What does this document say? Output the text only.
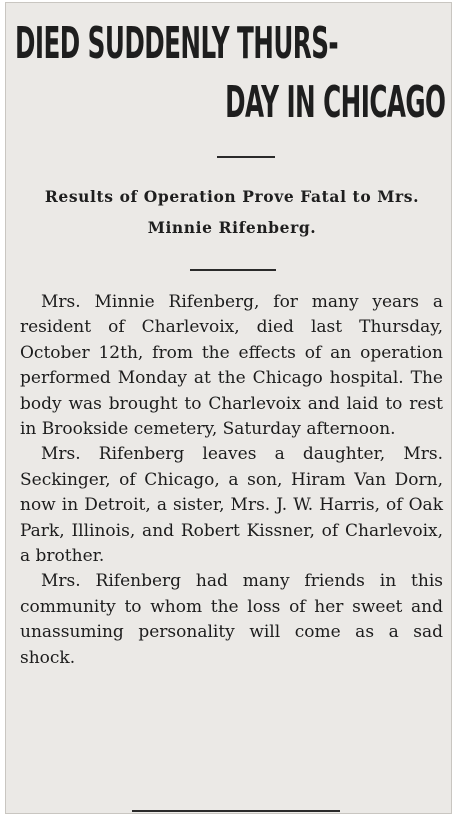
DIED SUDDENLY THURS-
DAY IN CHICAGO
Results of Operation Prove Fatal to Mrs. Minnie Rifenberg.

Mrs. Minnie Rifenberg, for many years a resident of Charlevoix, died last Thursday, October 12th, from the effects of an operation performed Monday at the Chicago hospital. The body was brought to Charlevoix and laid to rest in Brookside cemetery, Saturday afternoon.

Mrs. Rifenberg leaves a daughter, Mrs. Seckinger, of Chicago, a son, Hiram Van Dorn, now in Detroit, a sister, Mrs. J. W. Harris, of Oak Park, Illinois, and Robert Kissner, of Charlevoix, a brother.

Mrs. Rifenberg had many friends in this community to whom the loss of her sweet and unassuming personality will come as a sad shock.
